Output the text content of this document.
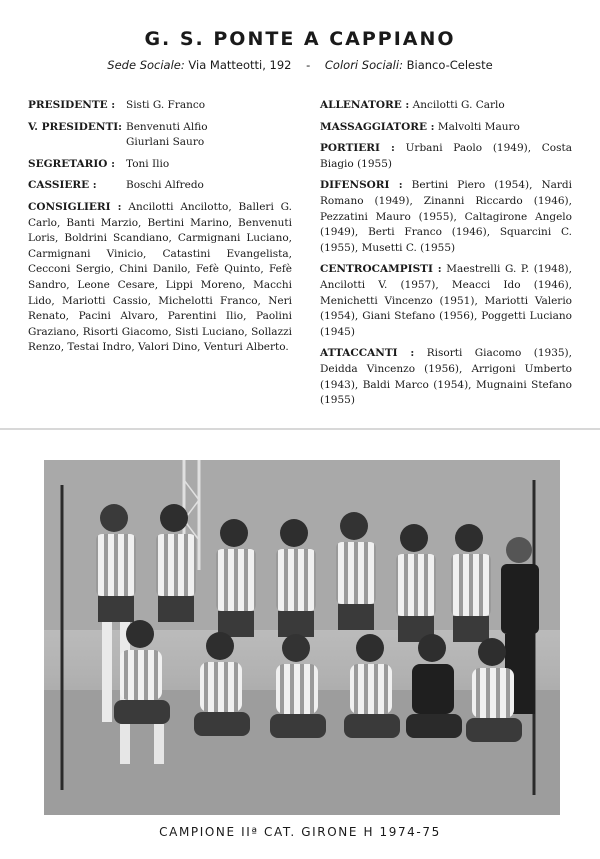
G. S. PONTE A CAPPIANO
Sede Sociale: Via Matteotti, 192 - Colori Sociali: Bianco-Celeste
PRESIDENTE :	Sisti G. Franco
V. PRESIDENTI: Benvenuti Alfio
Giurlani Sauro
SEGRETARIO :	Toni Ilio
CASSIERE :	Boschi Alfredo
CONSIGLIERI : Ancilotti Ancilotto, Balleri G. Carlo, Banti Marzio, Bertini Marino, Benvenuti Loris, Boldrini Scandiano, Carmignani Luciano, Carmignani Vinicio, Catastini Evangelista, Cecconi Sergio, Chini Danilo, Fefè Quinto, Fefè Sandro, Leone Cesare, Lippi Moreno, Macchi Lido, Mariotti Cassio, Michelotti Franco, Neri Renato, Pacini Alvaro, Parentini Ilio, Paolini Graziano, Risorti Giacomo, Sisti Luciano, Sollazzi Renzo, Testai Indro, Valori Dino, Venturi Alberto.
ALLENATORE : Ancilotti G. Carlo
MASSAGGIATORE : Malvolti Mauro
PORTIERI : Urbani Paolo (1949), Costa Biagio (1955)
DIFENSORI : Bertini Piero (1954), Nardi Romano (1949), Zinanni Riccardo (1946), Pezzatini Mauro (1955), Caltagirone Angelo (1949), Berti Franco (1946), Squarcini C. (1955), Musetti C. (1955)
CENTROCAMPISTI : Maestrelli G. P. (1948), Ancilotti V. (1957), Meacci Ido (1946), Menichetti Vincenzo (1951), Mariotti Valerio (1954), Giani Stefano (1956), Poggetti Luciano (1945)
ATTACCANTI : Risorti Giacomo (1935), Deidda Vincenzo (1956), Arrigoni Umberto (1943), Baldi Marco (1954), Mugnaini Stefano (1955)
CAMPIONE IIª CAT. GIRONE H 1974-75
